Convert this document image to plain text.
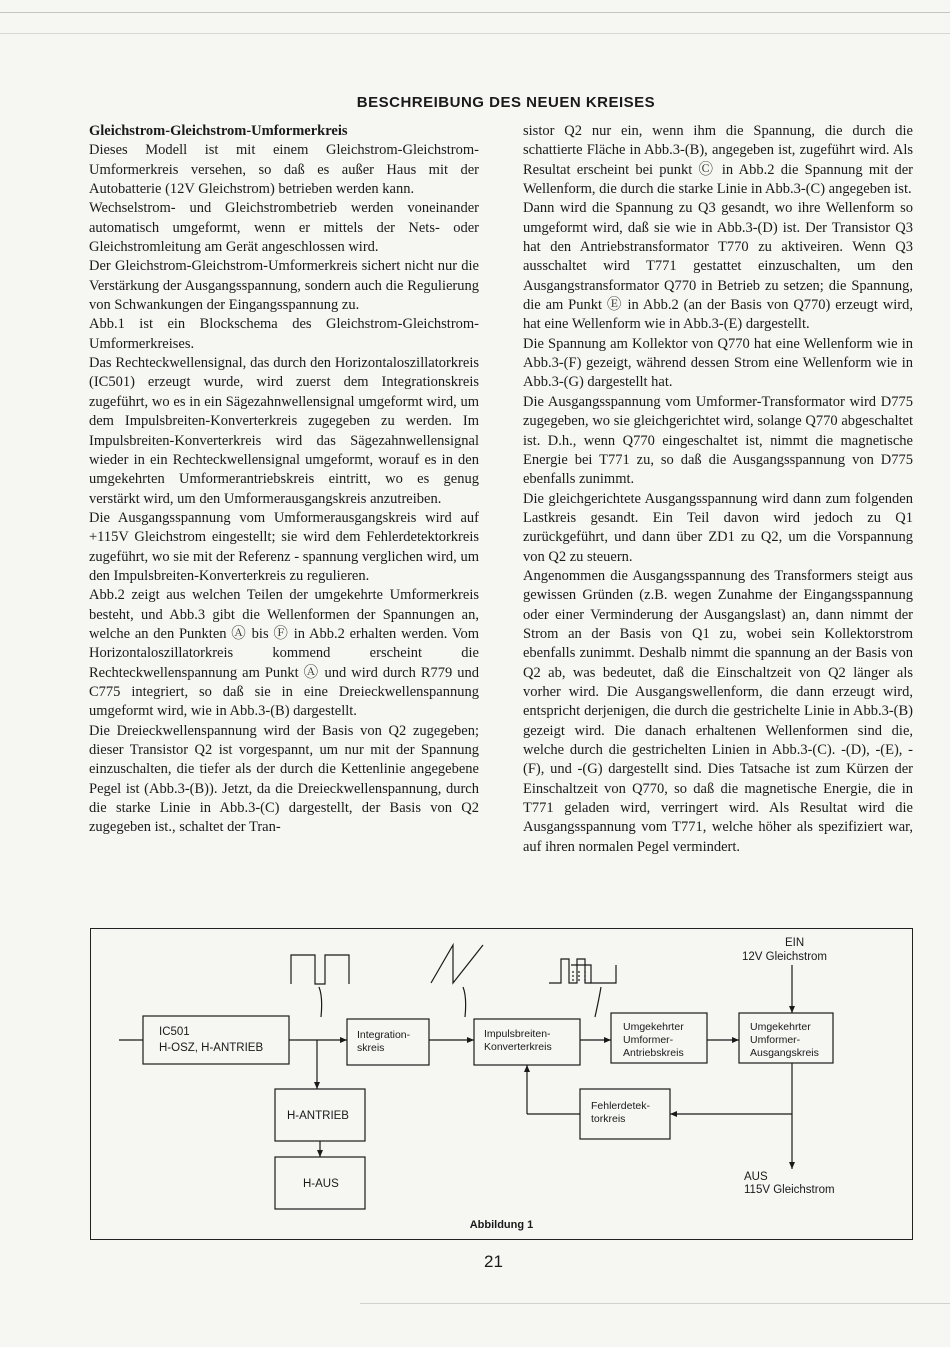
BESCHREIBUNG DES NEUEN KREISES

Gleichstrom-Gleichstrom-Umformerkreis

Dieses Modell ist mit einem Gleichstrom-Gleichstrom-Umformerkreis versehen, so daß es außer Haus mit der Autobatterie (12V Gleichstrom) betrieben werden kann.

Wechselstrom- und Gleichstrombetrieb werden voneinander automatisch umgeformt, wenn er mittels der Nets- oder Gleichstromleitung am Gerät angeschlossen wird.

Der Gleichstrom-Gleichstrom-Umformerkreis sichert nicht nur die Verstärkung der Ausgangsspannung, sondern auch die Regulierung von Schwankungen der Eingangsspannung zu.

Abb.1 ist ein Blockschema des Gleichstrom-Gleichstrom-Umformerkreises.

Das Rechteckwellensignal, das durch den Horizontaloszillatorkreis (IC501) erzeugt wurde, wird zuerst dem Integrationskreis zugeführt, wo es in ein Sägezahnwellensignal umgeformt wird, um dem Impulsbreiten-Konverterkreis zugegeben zu werden. Im Impulsbreiten-Konverterkreis wird das Sägezahnwellensignal wieder in ein Rechteckwellensignal umgeformt, worauf es in den umgekehrten Umformerantriebskreis eintritt, wo es genug verstärkt wird, um den Umformerausgangskreis anzutreiben.

Die Ausgangsspannung vom Umformerausgangskreis wird auf +115V Gleichstrom eingestellt; sie wird dem Fehlerdetektorkreis zugeführt, wo sie mit der Referenz - spannung verglichen wird, um den Impulsbreiten-Konverterkreis zu regulieren.

Abb.2 zeigt aus welchen Teilen der umgekehrte Umformerkreis besteht, und Abb.3 gibt die Wellenformen der Spannungen an, welche an den Punkten Ⓐ bis Ⓕ in Abb.2 erhalten werden. Vom Horizontaloszillatorkreis kommend erscheint die Rechteckwellenspannung am Punkt Ⓐ und wird durch R779 und C775 integriert, so daß sie in eine Dreieckwellenspannung umgeformt wird, wie in Abb.3-(B) dargestellt.

Die Dreieckwellenspannung wird der Basis von Q2 zugegeben; dieser Transistor Q2 ist vorgespannt, um nur mit der Spannung einzuschalten, die tiefer als der durch die Kettenlinie angegebene Pegel ist (Abb.3-(B)). Jetzt, da die Dreieckwellenspannung, durch die starke Linie in Abb.3-(C) dargestellt, der Basis von Q2 zugegeben ist., schaltet der Tran-

sistor Q2 nur ein, wenn ihm die Spannung, die durch die schattierte Fläche in Abb.3-(B), angegeben ist, zugeführt wird. Als Resultat erscheint bei punkt Ⓒ in Abb.2 die Spannung mit der Wellenform, die durch die starke Linie in Abb.3-(C) angegeben ist.

Dann wird die Spannung zu Q3 gesandt, wo ihre Wellenform so umgeformt wird, daß sie wie in Abb.3-(D) ist. Der Transistor Q3 hat den Antriebstransformator T770 zu aktiveiren. Wenn Q3 ausschaltet wird T771 gestattet einzuschalten, um den Ausgangstransformator Q770 in Betrieb zu setzen; die Spannung, die am Punkt Ⓔ in Abb.2 (an der Basis von Q770) erzeugt wird, hat eine Wellenform wie in Abb.3-(E) dargestellt.

Die Spannung am Kollektor von Q770 hat eine Wellenform wie in Abb.3-(F) gezeigt, während dessen Strom eine Wellenform wie in Abb.3-(G) dargestellt hat.

Die Ausgangsspannung vom Umformer-Transformator wird D775 zugegeben, wo sie gleichgerichtet wird, solange Q770 abgeschaltet ist. D.h., wenn Q770 eingeschaltet ist, nimmt die magnetische Energie bei T771 zu, so daß die Ausgangsspannung von D775 ebenfalls zunimmt.

Die gleichgerichtete Ausgangsspannung wird dann zum folgenden Lastkreis gesandt. Ein Teil davon wird jedoch zu Q1 zurückgeführt, und dann über ZD1 zu Q2, um die Vorspannung von Q2 zu steuern.

Angenommen die Ausgangsspannung des Transformers steigt aus gewissen Gründen (z.B. wegen Zunahme der Eingangsspannung oder einer Verminderung der Ausgangslast) an, dann nimmt der Strom an der Basis von Q1 zu, wobei sein Kollektorstrom ebenfalls zunimmt. Deshalb nimmt die spannung an der Basis von Q2 ab, was bedeutet, daß die Einschaltzeit von Q2 länger als vorher wird. Die Ausgangswellenform, die dann erzeugt wird, entspricht derjenigen, die durch die gestrichelte Linie in Abb.3-(B) gezeigt wird. Die danach erhaltenen Wellenformen sind die, welche durch die gestrichelten Linien in Abb.3-(C). -(D), -(E), -(F), und -(G) dargestellt sind. Dies Tatsache ist zum Kürzen der Einschaltzeit von Q770, so daß die magnetische Energie, die in T771 geladen wird, verringert wird. Als Resultat wird die Ausgangsspannung vom T771, welche höher als spezifiziert war, auf ihren normalen Pegel vermindert.

IC501
H-OSZ, H-ANTRIEB
Integration-
skreis
Impulsbreiten-
Konverterkreis
Umgekehrter
Umformer-
Antriebskreis
Umgekehrter
Umformer-
Ausgangskreis
Fehlerdetek-
torkreis
H-ANTRIEB
H-AUS
EIN
12V Gleichstrom
AUS
115V Gleichstrom
Abbildung 1
21
